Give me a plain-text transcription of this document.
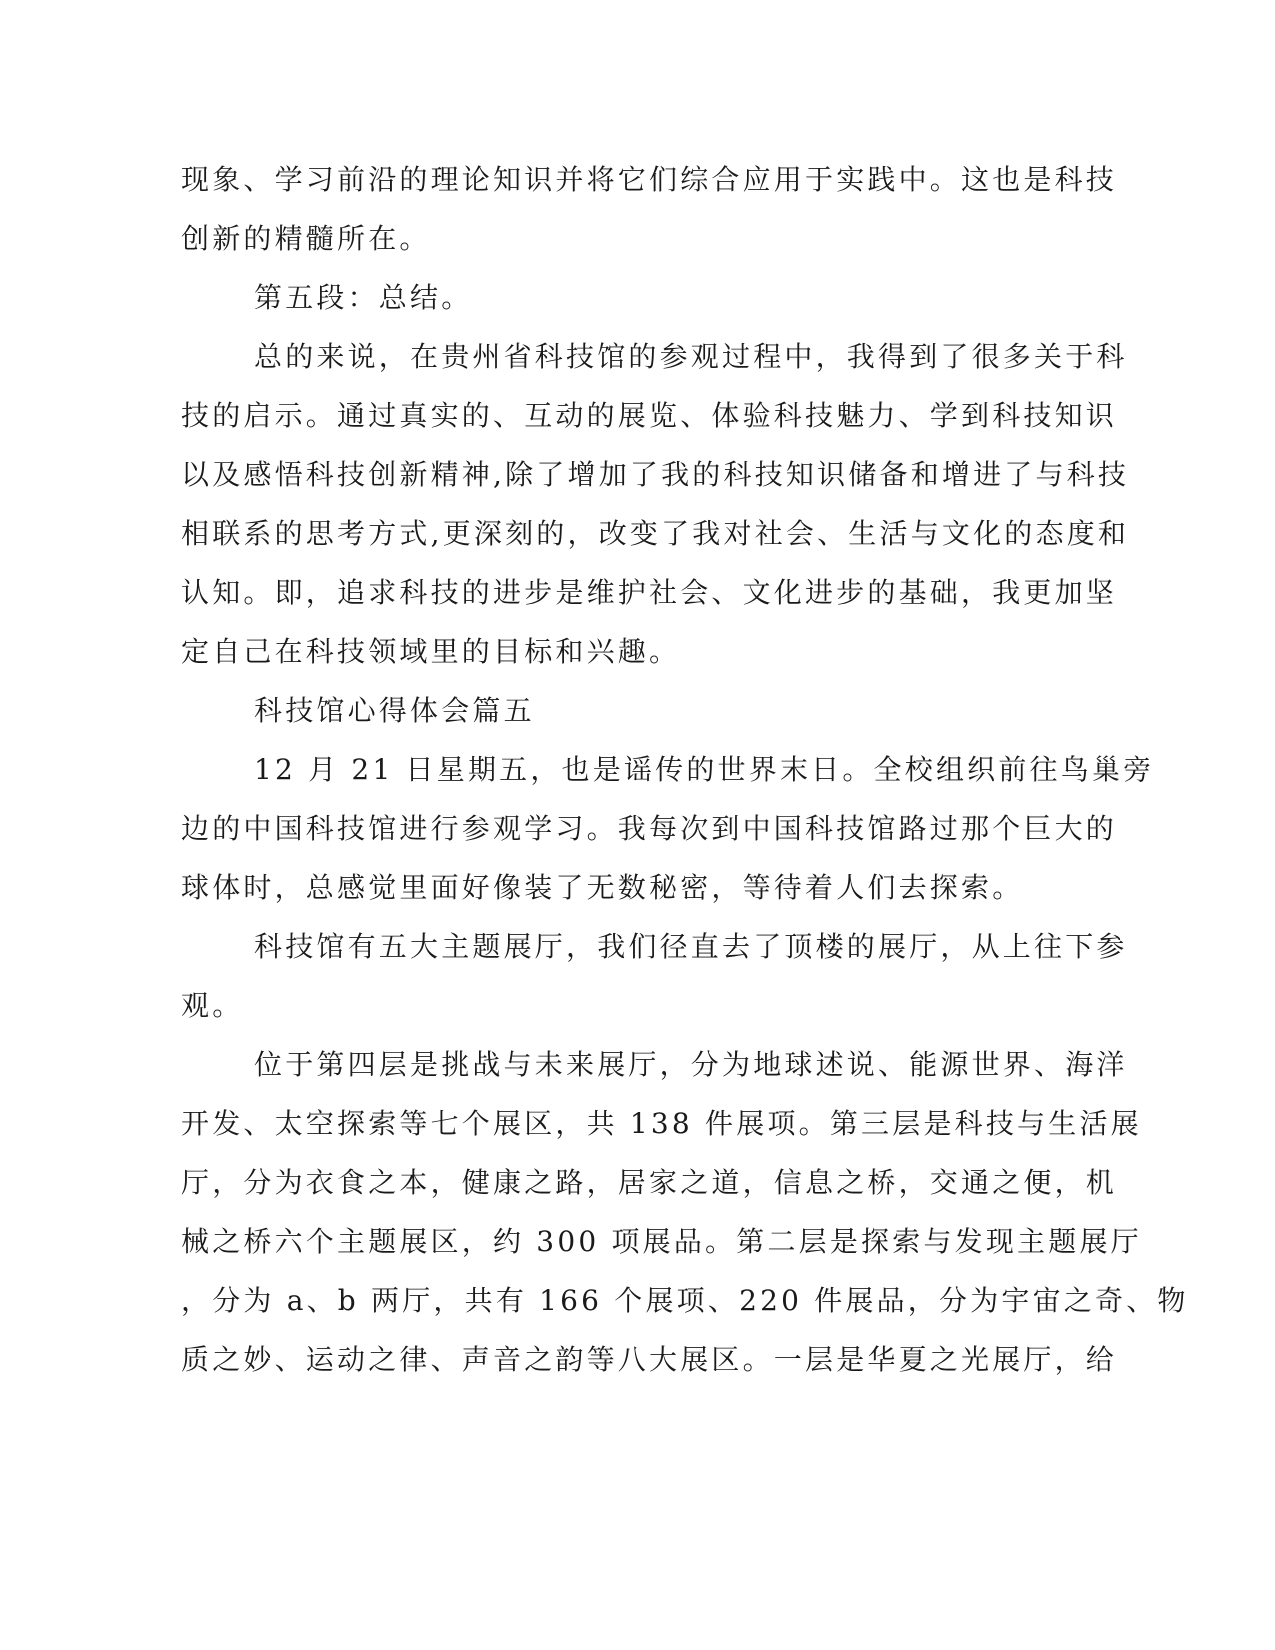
现象、学习前沿的理论知识并将它们综合应用于实践中。这也是科技
创新的精髓所在。
第五段：总结。
总的来说，在贵州省科技馆的参观过程中，我得到了很多关于科
技的启示。通过真实的、互动的展览、体验科技魅力、学到科技知识
以及感悟科技创新精神,除了增加了我的科技知识储备和增进了与科技
相联系的思考方式,更深刻的，改变了我对社会、生活与文化的态度和
认知。即，追求科技的进步是维护社会、文化进步的基础，我更加坚
定自己在科技领域里的目标和兴趣。
科技馆心得体会篇五
12 月 21 日星期五，也是谣传的世界末日。全校组织前往鸟巢旁
边的中国科技馆进行参观学习。我每次到中国科技馆路过那个巨大的
球体时，总感觉里面好像装了无数秘密，等待着人们去探索。
科技馆有五大主题展厅，我们径直去了顶楼的展厅，从上往下参
观。
位于第四层是挑战与未来展厅，分为地球述说、能源世界、海洋
开发、太空探索等七个展区，共 138 件展项。第三层是科技与生活展
厅，分为衣食之本，健康之路，居家之道，信息之桥，交通之便，机
械之桥六个主题展区，约 300 项展品。第二层是探索与发现主题展厅
，分为 a、b 两厅，共有 166 个展项、220 件展品，分为宇宙之奇、物
质之妙、运动之律、声音之韵等八大展区。一层是华夏之光展厅，给
